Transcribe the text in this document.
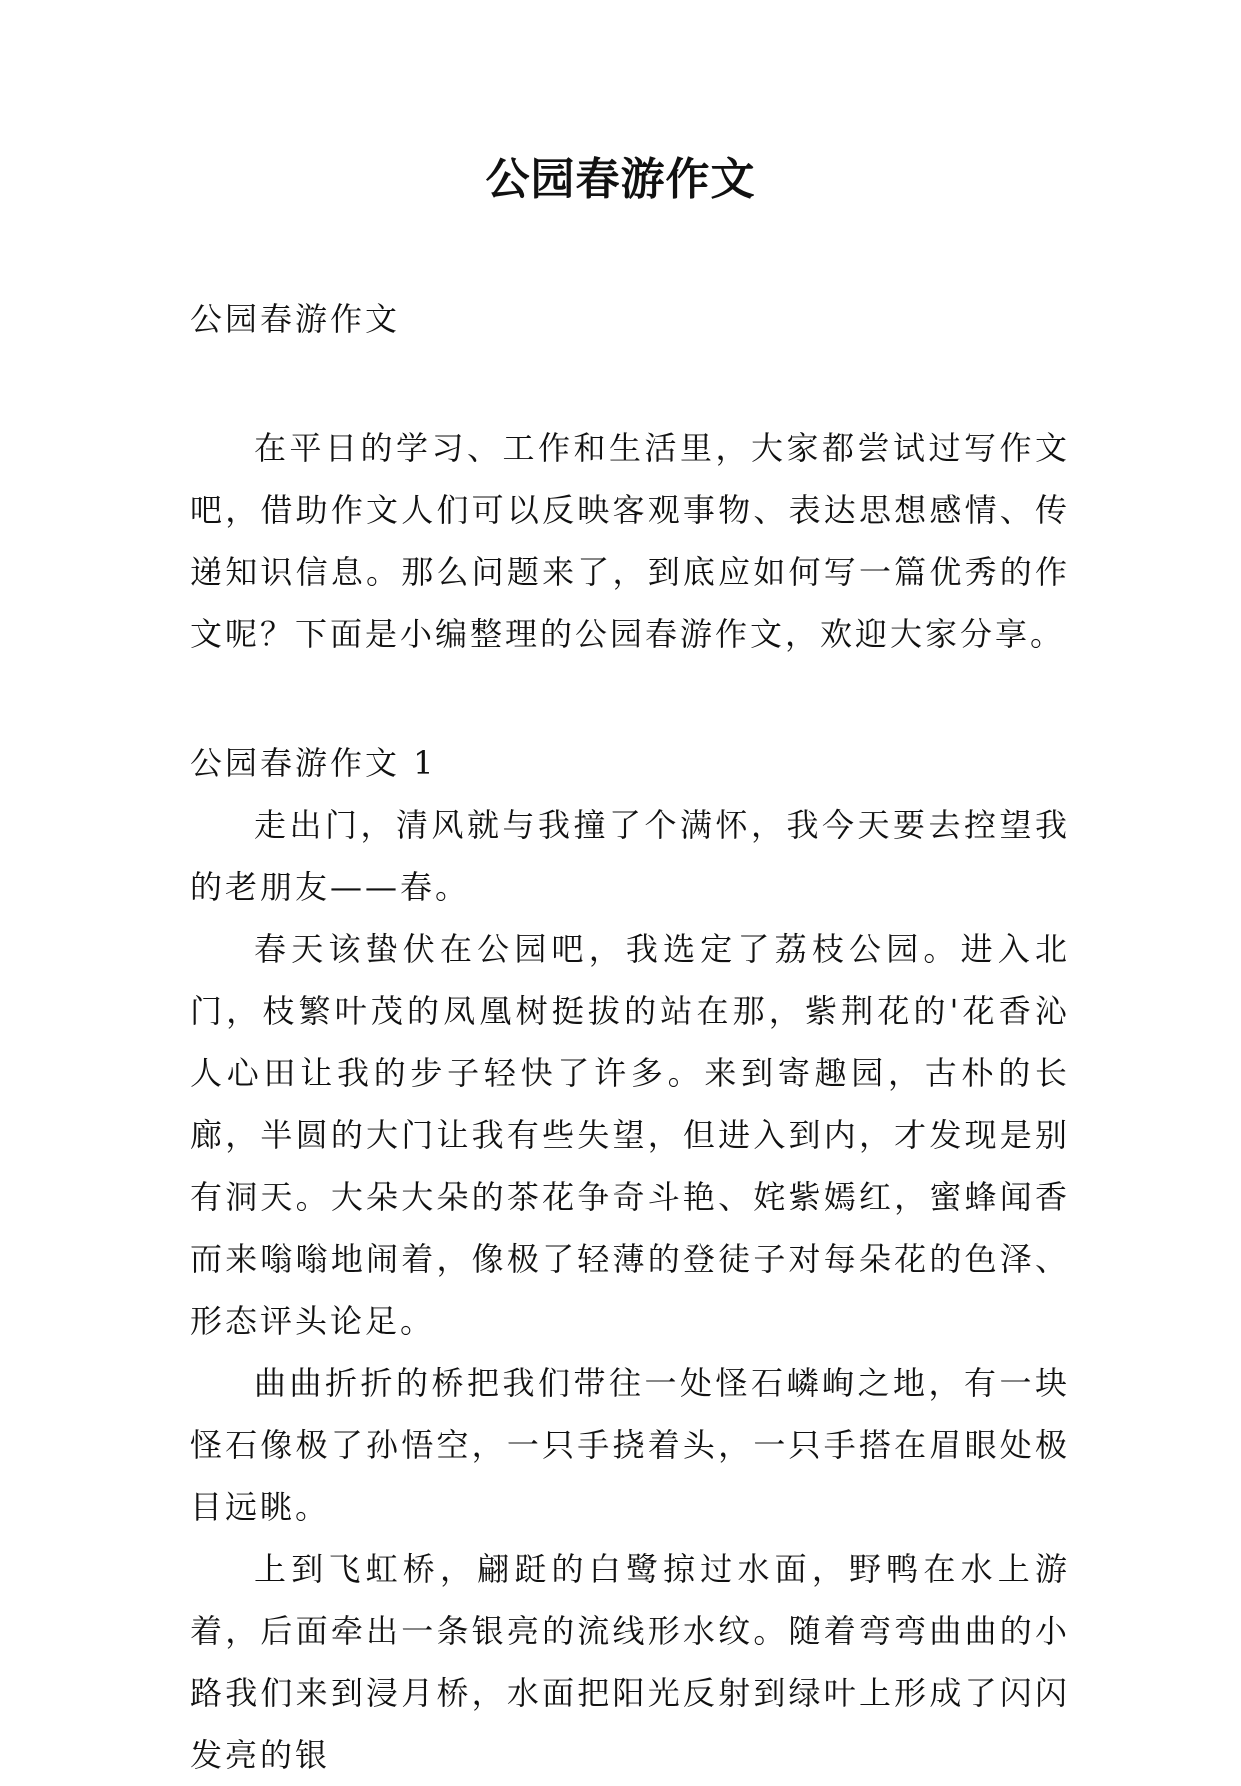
公园春游作文

公园春游作文

在平日的学习、工作和生活里，大家都尝试过写作文吧，借助作文人们可以反映客观事物、表达思想感情、传递知识信息。那么问题来了，到底应如何写一篇优秀的作文呢？下面是小编整理的公园春游作文，欢迎大家分享。

公园春游作文 1

走出门，清风就与我撞了个满怀，我今天要去控望我的老朋友——春。

春天该蛰伏在公园吧，我选定了荔枝公园。进入北门，枝繁叶茂的凤凰树挺拔的站在那，紫荆花的'花香沁人心田让我的步子轻快了许多。来到寄趣园，古朴的长廊，半圆的大门让我有些失望，但进入到内，才发现是别有洞天。大朵大朵的茶花争奇斗艳、姹紫嫣红，蜜蜂闻香而来嗡嗡地闹着，像极了轻薄的登徒子对每朵花的色泽、形态评头论足。

曲曲折折的桥把我们带往一处怪石嶙峋之地，有一块怪石像极了孙悟空，一只手挠着头，一只手搭在眉眼处极目远眺。

上到飞虹桥，翩跹的白鹭掠过水面，野鸭在水上游着，后面牵出一条银亮的流线形水纹。随着弯弯曲曲的小路我们来到浸月桥，水面把阳光反射到绿叶上形成了闪闪发亮的银
